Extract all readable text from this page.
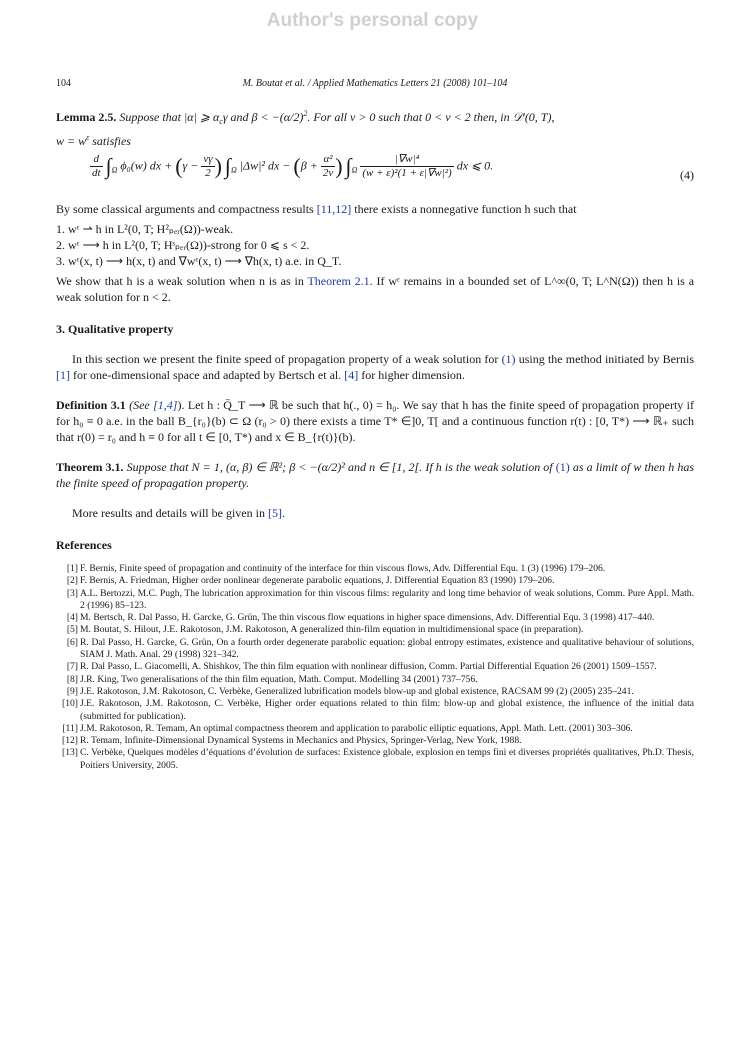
Author's personal copy
104	M. Boutat et al. / Applied Mathematics Letters 21 (2008) 101–104

Lemma 2.5. Suppose that |α| ⩾ $\alpha_c\gamma$ and $\beta < -(\alpha/2)^2$. For all ν > 0 such that 0 < ν < 2 then, in 𝒟′(0, T),
$w = w^\varepsilon$ satisfies

$\frac{d}{dt} \int_\Omega$ ϕ₀(w) dx + ($\gamma - \frac{\nu\gamma}{2}$ ) $\int_\Omega$ |Δw|² dx − ($\beta + \frac{\text{α²}}{2\nu}$ ) $\int_\Omega \frac{\text{|∇w|⁴}}{\text{(w + ε)²(1 + ε|∇w|²)}}$ dx ⩽ 0.
(4)

By some classical arguments and compactness results [11,12] there exists a nonnegative function h such that

1. wᵋ ⇀ h in L²(0, T; H²ₚₑᵣ(Ω))-weak.

2. wᵋ ⟶ h in L²(0, T; Hˢₚₑᵣ(Ω))-strong for 0 ⩽ s < 2.

3. wᵋ(x, t) ⟶ h(x, t) and ∇wᵋ(x, t) ⟶ ∇h(x, t) a.e. in Q_T.

We show that h is a weak solution when n is as in Theorem 2.1. If wᵋ remains in a bounded set of L^∞(0, T; L^N(Ω)) then h is a weak solution for n < 2.

3. Qualitative property

In this section we present the finite speed of propagation property of a weak solution for (1) using the method initiated by Bernis [1] for one-dimensional space and adapted by Bertsch et al. [4] for higher dimension.

Definition 3.1 (See [1,4]). Let h : Q̄_T ⟶ ℝ be such that h(., 0) = h₀. We say that h has the finite speed of propagation property if for h₀ ≡ 0 a.e. in the ball B_{r₀}(b) ⊂ Ω (r₀ > 0) there exists a time T* ∈]0, T[ and a continuous function r(t) : [0, T*) ⟶ ℝ₊ such that r(0) = r₀ and h ≡ 0 for all t ∈ [0, T*) and x ∈ B_{r(t)}(b).

Theorem 3.1. Suppose that N = 1, (α, β) ∈ ℝ²; β < −(α/2)² and n ∈ [1, 2[. If h is the weak solution of (1) as a limit of w then h has the finite speed of propagation property.

More results and details will be given in [5].

References

[1] F. Bernis, Finite speed of propagation and continuity of the interface for thin viscous flows, Adv. Differential Equ. 1 (3) (1996) 179–206.

[2] F. Bernis, A. Friedman, Higher order nonlinear degenerate parabolic equations, J. Differential Equation 83 (1990) 179–206.

[3] A.L. Bertozzi, M.C. Pugh, The lubrication approximation for thin viscous films: regularity and long time behavior of weak solutions, Comm. Pure Appl. Math. 2 (1996) 85–123.

[4] M. Bertsch, R. Dal Passo, H. Garcke, G. Grün, The thin viscous flow equations in higher space dimensions, Adv. Differential Equ. 3 (1998) 417–440.

[5] M. Boutat, S. Hilout, J.E. Rakotoson, J.M. Rakotoson, A generalized thin-film equation in multidimensional space (in preparation).

[6] R. Dal Passo, H. Garcke, G. Grün, On a fourth order degenerate parabolic equation: global entropy estimates, existence and qualitative behaviour of solutions, SIAM J. Math. Anal. 29 (1998) 321–342.

[7] R. Dal Passo, L. Giacomelli, A. Shishkov, The thin film equation with nonlinear diffusion, Comm. Partial Differential Equation 26 (2001) 1509–1557.

[8] J.R. King, Two generalisations of the thin film equation, Math. Comput. Modelling 34 (2001) 737–756.

[9] J.E. Rakotoson, J.M. Rakotoson, C. Verbèke, Generalized lubrification models blow-up and global existence, RACSAM 99 (2) (2005) 235–241.

[10] J.E. Rakotoson, J.M. Rakotoson, C. Verbèke, Higher order equations related to thin film: blow-up and global existence, the influence of the initial data (submitted for publication).

[11] J.M. Rakotoson, R. Temam, An optimal compactness theorem and application to parabolic elliptic equations, Appl. Math. Lett. (2001) 303–306.

[12] R. Temam, Infinite-Dimensional Dynamical Systems in Mechanics and Physics, Springer-Verlag, New York, 1988.

[13] C. Verbèke, Quelques modèles d’équations d’évolution de surfaces: Existence globale, explosion en temps fini et diverses propriétés qualitatives, Ph.D. Thesis, Poitiers University, 2005.
